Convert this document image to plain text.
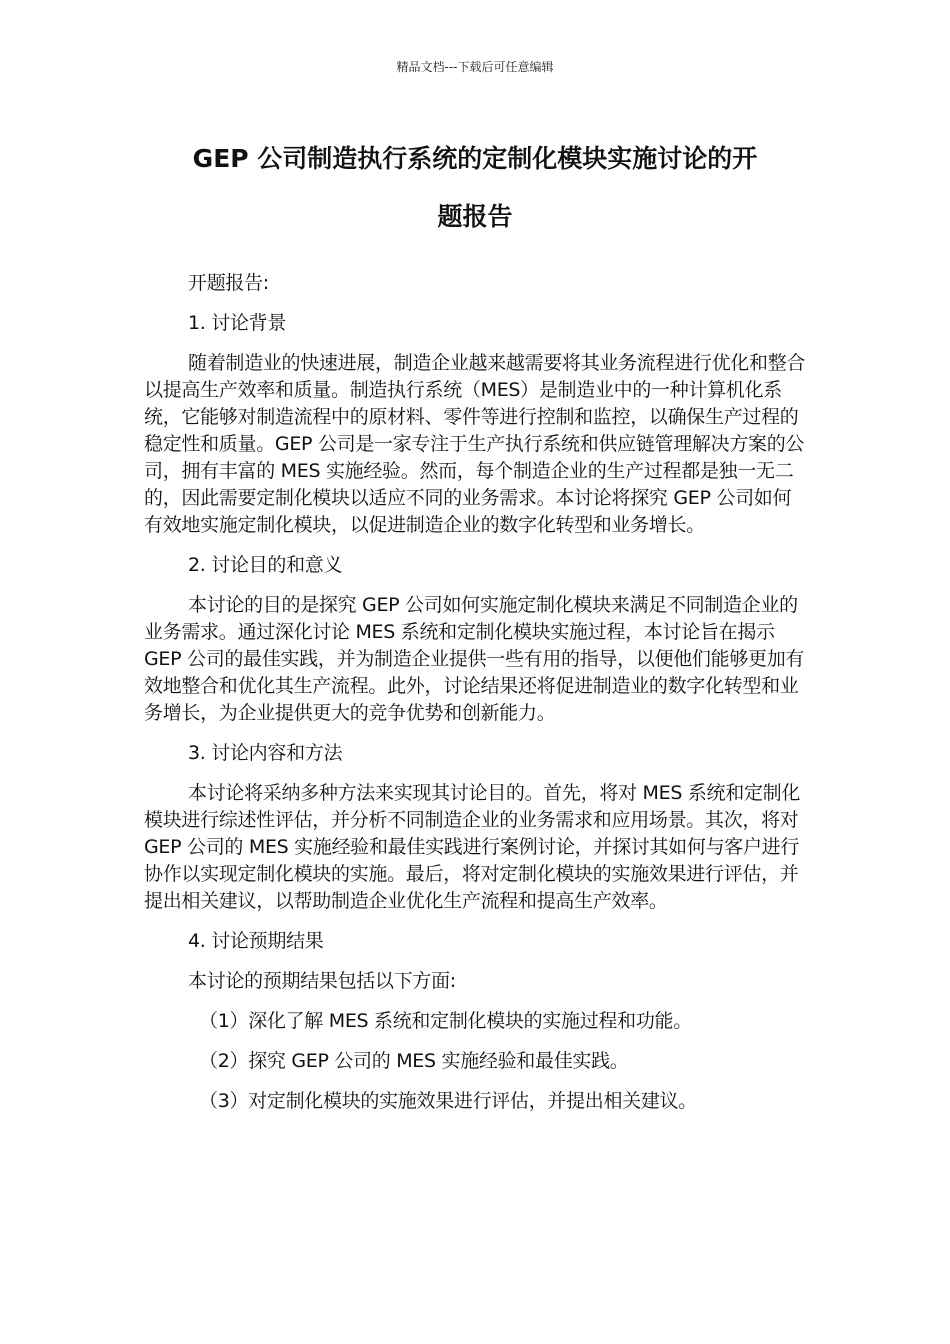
精品文档---下载后可任意编辑
GEP 公司制造执行系统的定制化模块实施讨论的开
题报告

开题报告:

1. 讨论背景

随着制造业的快速进展，制造企业越来越需要将其业务流程进行优化和整合以提高生产效率和质量。制造执行系统（MES）是制造业中的一种计算机化系统，它能够对制造流程中的原材料、零件等进行控制和监控，以确保生产过程的稳定性和质量。GEP 公司是一家专注于生产执行系统和供应链管理解决方案的公司，拥有丰富的 MES 实施经验。然而，每个制造企业的生产过程都是独一无二的，因此需要定制化模块以适应不同的业务需求。本讨论将探究 GEP 公司如何有效地实施定制化模块，以促进制造企业的数字化转型和业务增长。

2. 讨论目的和意义

本讨论的目的是探究 GEP 公司如何实施定制化模块来满足不同制造企业的业务需求。通过深化讨论 MES 系统和定制化模块实施过程，本讨论旨在揭示 GEP 公司的最佳实践，并为制造企业提供一些有用的指导，以便他们能够更加有效地整合和优化其生产流程。此外，讨论结果还将促进制造业的数字化转型和业务增长，为企业提供更大的竞争优势和创新能力。

3. 讨论内容和方法

本讨论将采纳多种方法来实现其讨论目的。首先，将对 MES 系统和定制化模块进行综述性评估，并分析不同制造企业的业务需求和应用场景。其次，将对 GEP 公司的 MES 实施经验和最佳实践进行案例讨论，并探讨其如何与客户进行协作以实现定制化模块的实施。最后，将对定制化模块的实施效果进行评估，并提出相关建议，以帮助制造企业优化生产流程和提高生产效率。

4. 讨论预期结果

本讨论的预期结果包括以下方面:

（1）深化了解 MES 系统和定制化模块的实施过程和功能。

（2）探究 GEP 公司的 MES 实施经验和最佳实践。

（3）对定制化模块的实施效果进行评估，并提出相关建议。
